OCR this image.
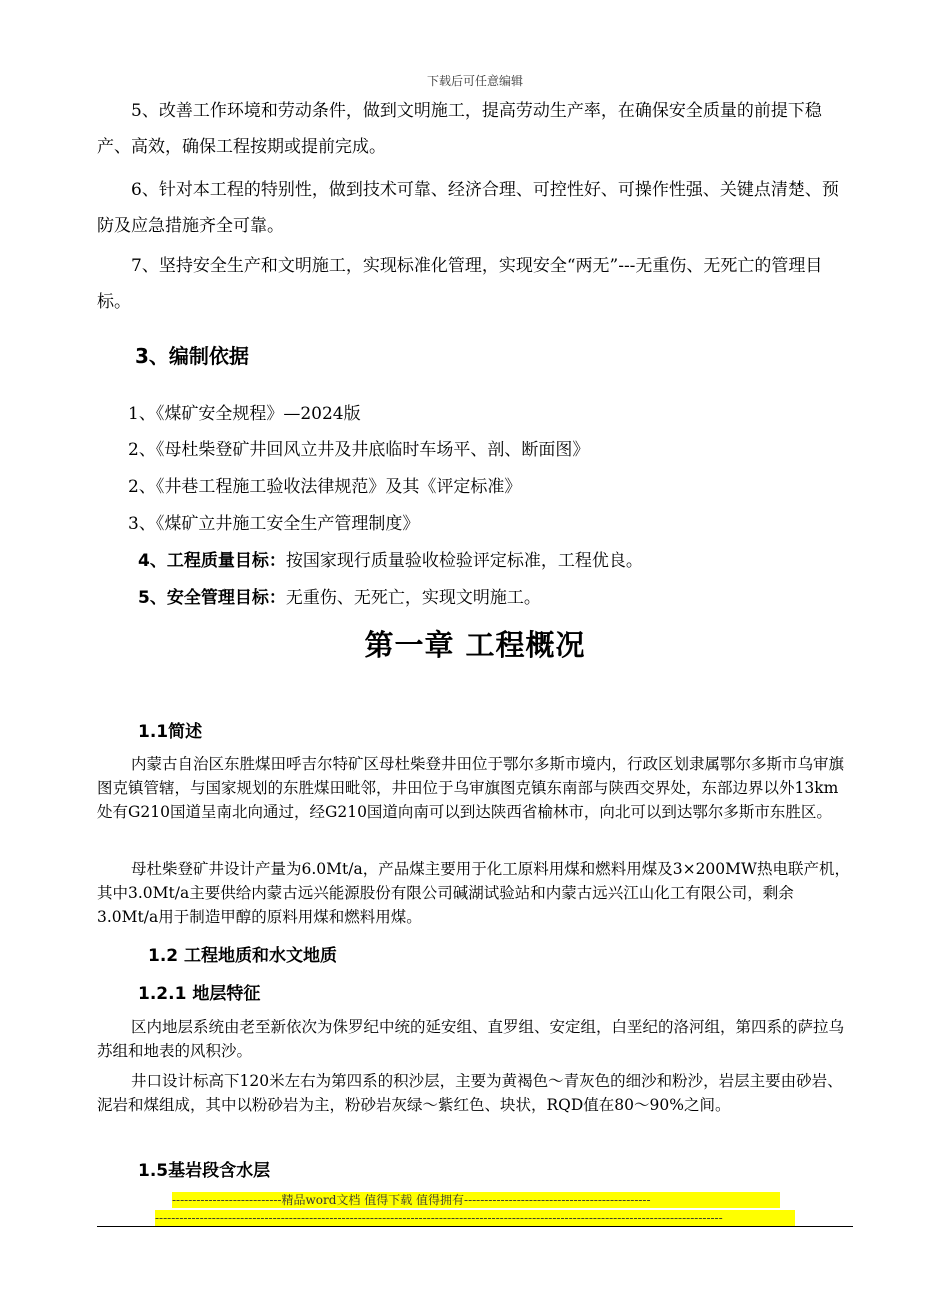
下载后可任意编辑

5、改善工作环境和劳动条件，做到文明施工，提高劳动生产率，在确保安全质量的前提下稳产、高效，确保工程按期或提前完成。

6、针对本工程的特别性，做到技术可靠、经济合理、可控性好、可操作性强、关键点清楚、预防及应急措施齐全可靠。

7、坚持安全生产和文明施工，实现标准化管理，实现安全“两无”---无重伤、无死亡的管理目标。

3、编制依据
1、《煤矿安全规程》—2024版
2、《母杜柴登矿井回风立井及井底临时车场平、剖、断面图》
2、《井巷工程施工验收法律规范》及其《评定标准》
3、《煤矿立井施工安全生产管理制度》
4、工程质量目标：按国家现行质量验收检验评定标准，工程优良。
5、安全管理目标：无重伤、无死亡，实现文明施工。
第一章 工程概况
1.1简述

内蒙古自治区东胜煤田呼吉尔特矿区母杜柴登井田位于鄂尔多斯市境内，行政区划隶属鄂尔多斯市乌审旗图克镇管辖，与国家规划的东胜煤田毗邻，井田位于乌审旗图克镇东南部与陕西交界处，东部边界以外13km处有G210国道呈南北向通过，经G210国道向南可以到达陕西省榆林市，向北可以到达鄂尔多斯市东胜区。

母杜柴登矿井设计产量为6.0Mt/a，产品煤主要用于化工原料用煤和燃料用煤及3×200MW热电联产机，其中3.0Mt/a主要供给内蒙古远兴能源股份有限公司碱湖试验站和内蒙古远兴江山化工有限公司，剩余3.0Mt/a用于制造甲醇的原料用煤和燃料用煤。

1.2 工程地质和水文地质
1.2.1 地层特征

区内地层系统由老至新依次为侏罗纪中统的延安组、直罗组、安定组，白垩纪的洛河组，第四系的萨拉乌苏组和地表的风积沙。

井口设计标高下120米左右为第四系的积沙层，主要为黄褐色～青灰色的细沙和粉沙，岩层主要由砂岩、泥岩和煤组成，其中以粉砂岩为主，粉砂岩灰绿～紫红色、块状，RQD值在80～90%之间。

1.5基岩段含水层
---------------------------精品word文档 值得下载 值得拥有----------------------------------------------
--------------------------------------------------------------------------------------------------------------------------------------------
